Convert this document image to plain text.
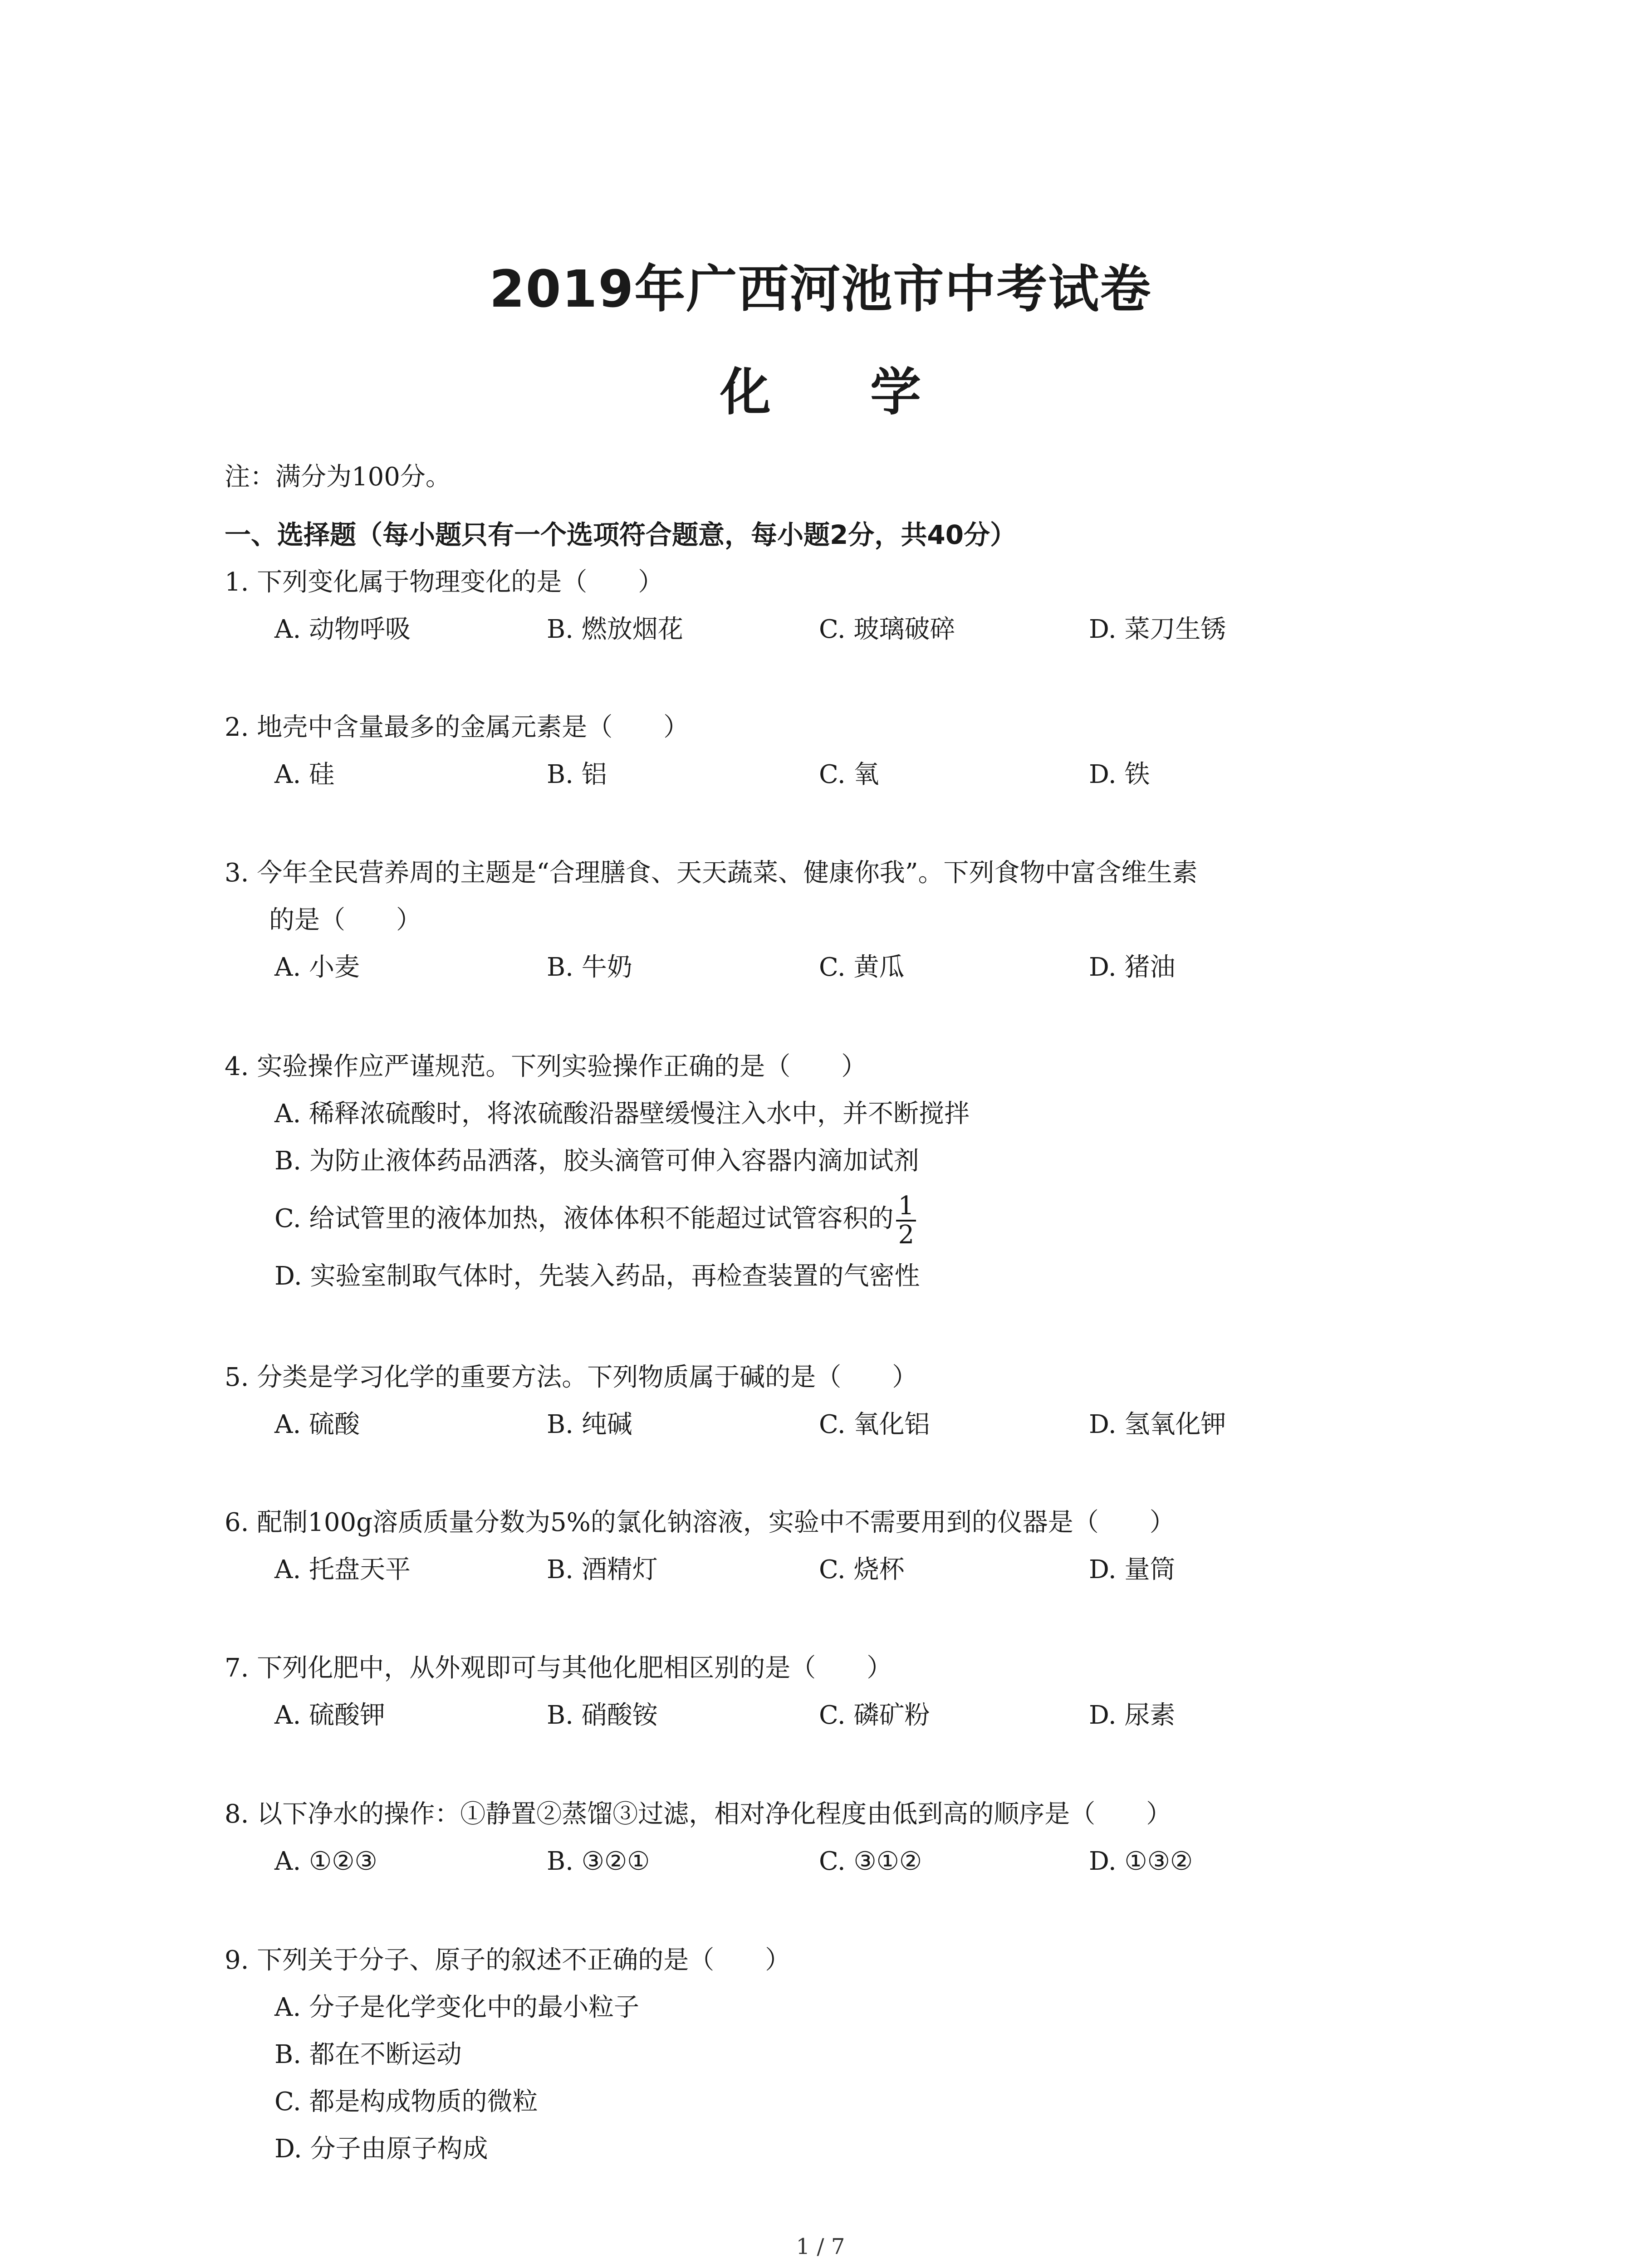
2019年广西河池市中考试卷
化 学
注：满分为100分。
一、选择题（每小题只有一个选项符合题意，每小题2分，共40分）
1. 下列变化属于物理变化的是（　　）
A. 动物呼吸	B. 燃放烟花	C. 玻璃破碎	D. 菜刀生锈
2. 地壳中含量最多的金属元素是（　　）
A. 硅	B. 铝	C. 氧	D. 铁
3. 今年全民营养周的主题是“合理膳食、天天蔬菜、健康你我”。下列食物中富含维生素
的是（　　）
A. 小麦	B. 牛奶	C. 黄瓜	D. 猪油
4. 实验操作应严谨规范。下列实验操作正确的是（　　）
A. 稀释浓硫酸时，将浓硫酸沿器壁缓慢注入水中，并不断搅拌
B. 为防止液体药品洒落，胶头滴管可伸入容器内滴加试剂
C. 给试管里的液体加热，液体体积不能超过试管容积的 $\frac{1}{2}$
D. 实验室制取气体时，先装入药品，再检查装置的气密性
5. 分类是学习化学的重要方法。下列物质属于碱的是（　　）
A. 硫酸	B. 纯碱	C. 氧化铝	D. 氢氧化钾
6. 配制100g溶质质量分数为5%的氯化钠溶液，实验中不需要用到的仪器是（　　）
A. 托盘天平	B. 酒精灯	C. 烧杯	D. 量筒
7. 下列化肥中，从外观即可与其他化肥相区别的是（　　）
A. 硫酸钾	B. 硝酸铵	C. 磷矿粉	D. 尿素
8. 以下净水的操作：①静置②蒸馏③过滤，相对净化程度由低到高的顺序是（　　）
A. ①②③	B. ③②①	C. ③①②	D. ①③②
9. 下列关于分子、原子的叙述不正确的是（　　）
A. 分子是化学变化中的最小粒子
B. 都在不断运动
C. 都是构成物质的微粒
D. 分子由原子构成
1 / 7
